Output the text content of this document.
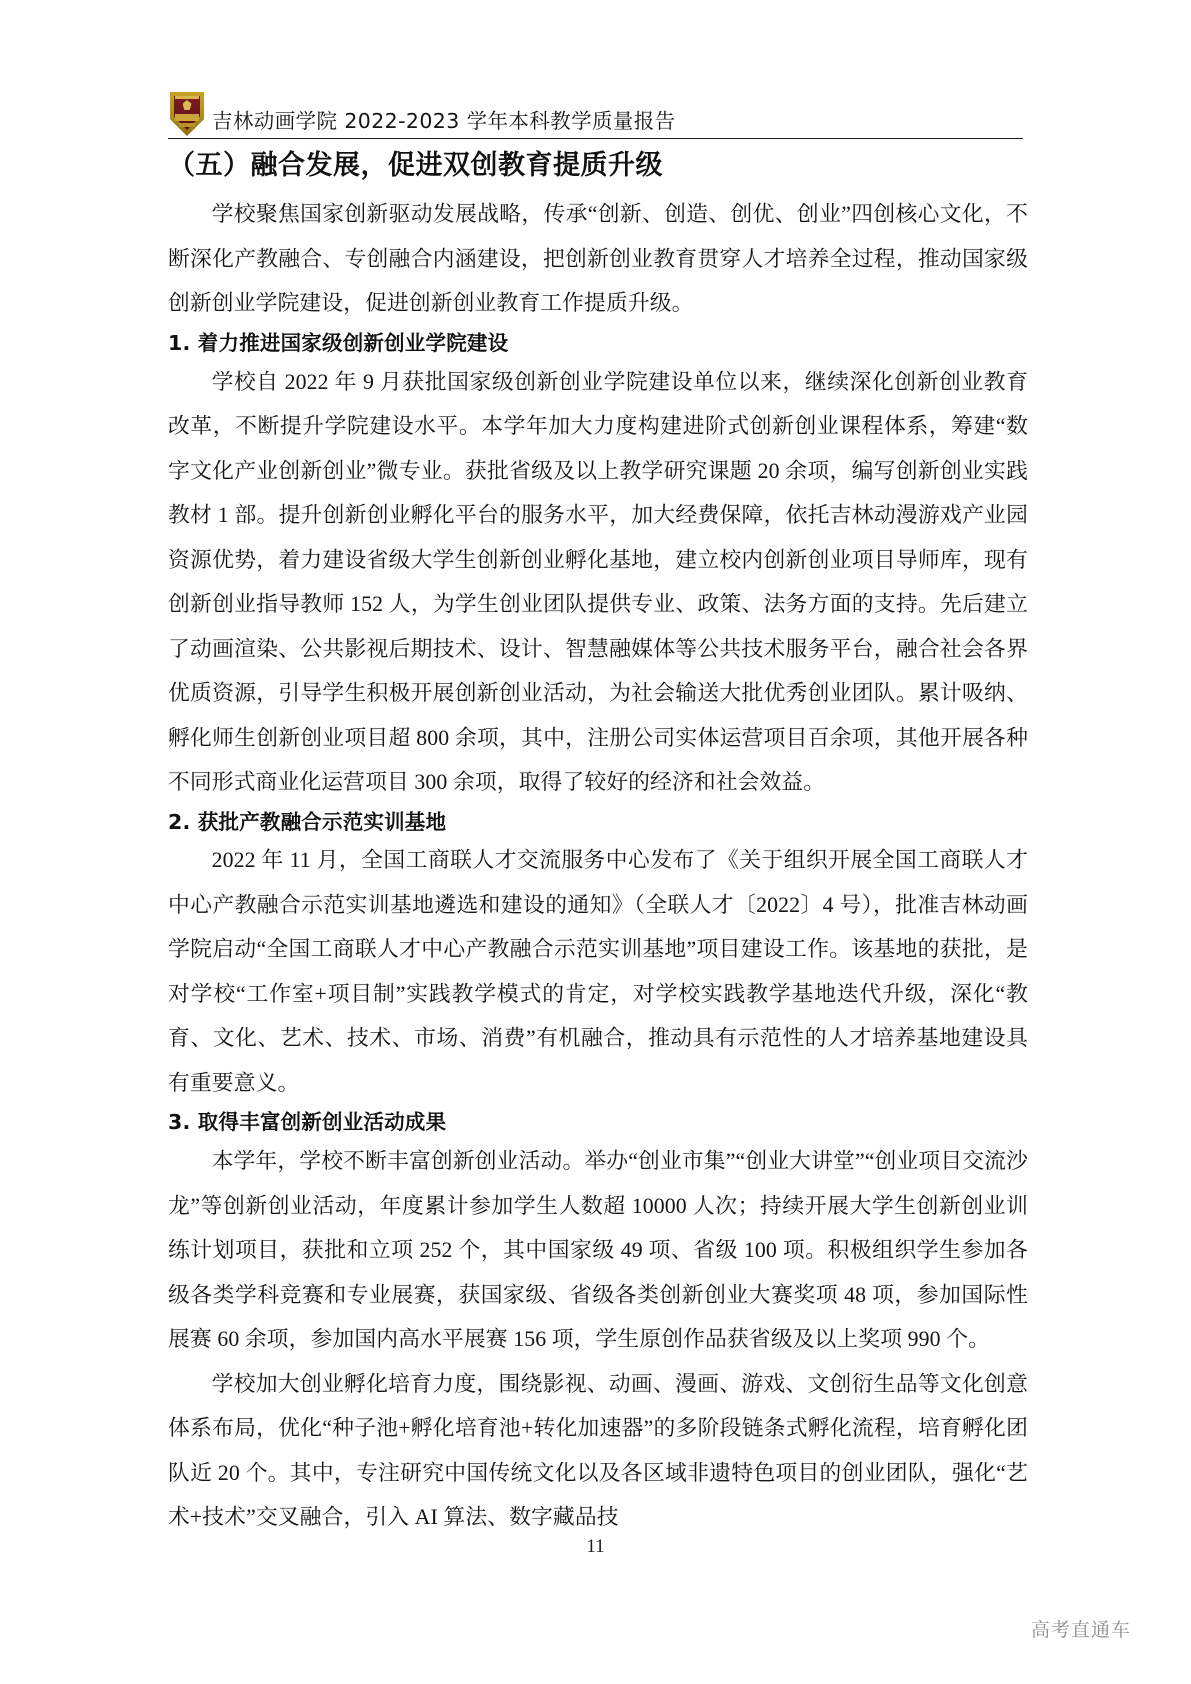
吉林动画学院 2022-2023 学年本科教学质量报告
（五）融合发展，促进双创教育提质升级

学校聚焦国家创新驱动发展战略，传承“创新、创造、创优、创业”四创核心文化，不断深化产教融合、专创融合内涵建设，把创新创业教育贯穿人才培养全过程，推动国家级创新创业学院建设，促进创新创业教育工作提质升级。

1. 着力推进国家级创新创业学院建设

学校自 2022 年 9 月获批国家级创新创业学院建设单位以来，继续深化创新创业教育改革，不断提升学院建设水平。本学年加大力度构建进阶式创新创业课程体系，筹建“数字文化产业创新创业”微专业。获批省级及以上教学研究课题 20 余项，编写创新创业实践教材 1 部。提升创新创业孵化平台的服务水平，加大经费保障，依托吉林动漫游戏产业园资源优势，着力建设省级大学生创新创业孵化基地，建立校内创新创业项目导师库，现有创新创业指导教师 152 人，为学生创业团队提供专业、政策、法务方面的支持。先后建立了动画渲染、公共影视后期技术、设计、智慧融媒体等公共技术服务平台，融合社会各界优质资源，引导学生积极开展创新创业活动，为社会输送大批优秀创业团队。累计吸纳、孵化师生创新创业项目超 800 余项，其中，注册公司实体运营项目百余项，其他开展各种不同形式商业化运营项目 300 余项，取得了较好的经济和社会效益。

2. 获批产教融合示范实训基地

2022 年 11 月，全国工商联人才交流服务中心发布了《关于组织开展全国工商联人才中心产教融合示范实训基地遴选和建设的通知》（全联人才〔2022〕4 号），批准吉林动画学院启动“全国工商联人才中心产教融合示范实训基地”项目建设工作。该基地的获批，是对学校“工作室+项目制”实践教学模式的肯定，对学校实践教学基地迭代升级，深化“教育、文化、艺术、技术、市场、消费”有机融合，推动具有示范性的人才培养基地建设具有重要意义。

3. 取得丰富创新创业活动成果

本学年，学校不断丰富创新创业活动。举办“创业市集”“创业大讲堂”“创业项目交流沙龙”等创新创业活动，年度累计参加学生人数超 10000 人次；持续开展大学生创新创业训练计划项目，获批和立项 252 个，其中国家级 49 项、省级 100 项。积极组织学生参加各级各类学科竞赛和专业展赛，获国家级、省级各类创新创业大赛奖项 48 项，参加国际性展赛 60 余项，参加国内高水平展赛 156 项，学生原创作品获省级及以上奖项 990 个。

学校加大创业孵化培育力度，围绕影视、动画、漫画、游戏、文创衍生品等文化创意体系布局，优化“种子池+孵化培育池+转化加速器”的多阶段链条式孵化流程，培育孵化团队近 20 个。其中，专注研究中国传统文化以及各区域非遗特色项目的创业团队，强化“艺术+技术”交叉融合，引入 AI 算法、数字藏品技

11
高考直通车
